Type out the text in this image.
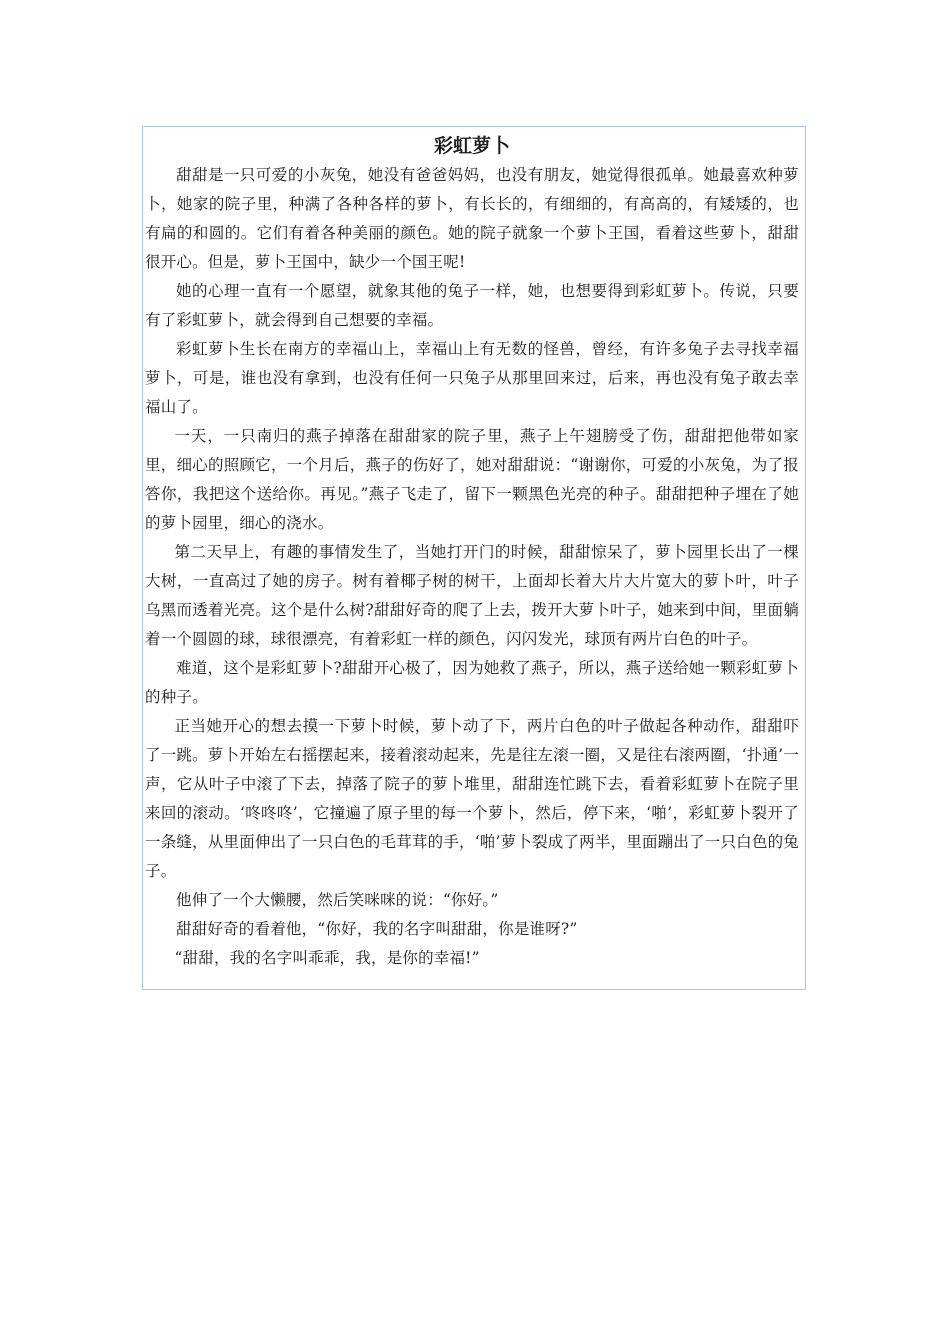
彩虹萝卜

甜甜是一只可爱的小灰兔，她没有爸爸妈妈，也没有朋友，她觉得很孤单。她最喜欢种萝卜，她家的院子里，种满了各种各样的萝卜，有长长的，有细细的，有高高的，有矮矮的，也有扁的和圆的。它们有着各种美丽的颜色。她的院子就象一个萝卜王国，看着这些萝卜，甜甜很开心。但是，萝卜王国中，缺少一个国王呢!

她的心理一直有一个愿望，就象其他的兔子一样，她，也想要得到彩虹萝卜。传说，只要有了彩虹萝卜，就会得到自己想要的幸福。

彩虹萝卜生长在南方的幸福山上，幸福山上有无数的怪兽，曾经，有许多兔子去寻找幸福萝卜，可是，谁也没有拿到，也没有任何一只兔子从那里回来过，后来，再也没有兔子敢去幸福山了。

一天，一只南归的燕子掉落在甜甜家的院子里，燕子上午翅膀受了伤，甜甜把他带如家里，细心的照顾它，一个月后，燕子的伤好了，她对甜甜说：“谢谢你，可爱的小灰兔，为了报答你，我把这个送给你。再见。”燕子飞走了，留下一颗黑色光亮的种子。甜甜把种子埋在了她的萝卜园里，细心的浇水。

第二天早上，有趣的事情发生了，当她打开门的时候，甜甜惊呆了，萝卜园里长出了一棵大树，一直高过了她的房子。树有着椰子树的树干，上面却长着大片大片宽大的萝卜叶，叶子乌黑而透着光亮。这个是什么树?甜甜好奇的爬了上去，拨开大萝卜叶子，她来到中间，里面躺着一个圆圆的球，球很漂亮，有着彩虹一样的颜色，闪闪发光，球顶有两片白色的叶子。

难道，这个是彩虹萝卜?甜甜开心极了，因为她救了燕子，所以，燕子送给她一颗彩虹萝卜的种子。

正当她开心的想去摸一下萝卜时候，萝卜动了下，两片白色的叶子做起各种动作，甜甜吓了一跳。萝卜开始左右摇摆起来，接着滚动起来，先是往左滚一圈，又是往右滚两圈，‘扑通’一声，它从叶子中滚了下去，掉落了院子的萝卜堆里，甜甜连忙跳下去，看着彩虹萝卜在院子里来回的滚动。‘咚咚咚’，它撞遍了原子里的每一个萝卜，然后，停下来，‘啪’，彩虹萝卜裂开了一条缝，从里面伸出了一只白色的毛茸茸的手，‘啪’萝卜裂成了两半，里面蹦出了一只白色的兔子。

他伸了一个大懒腰，然后笑咪咪的说：“你好。”

甜甜好奇的看着他，“你好，我的名字叫甜甜，你是谁呀?”

“甜甜，我的名字叫乖乖，我，是你的幸福!”
